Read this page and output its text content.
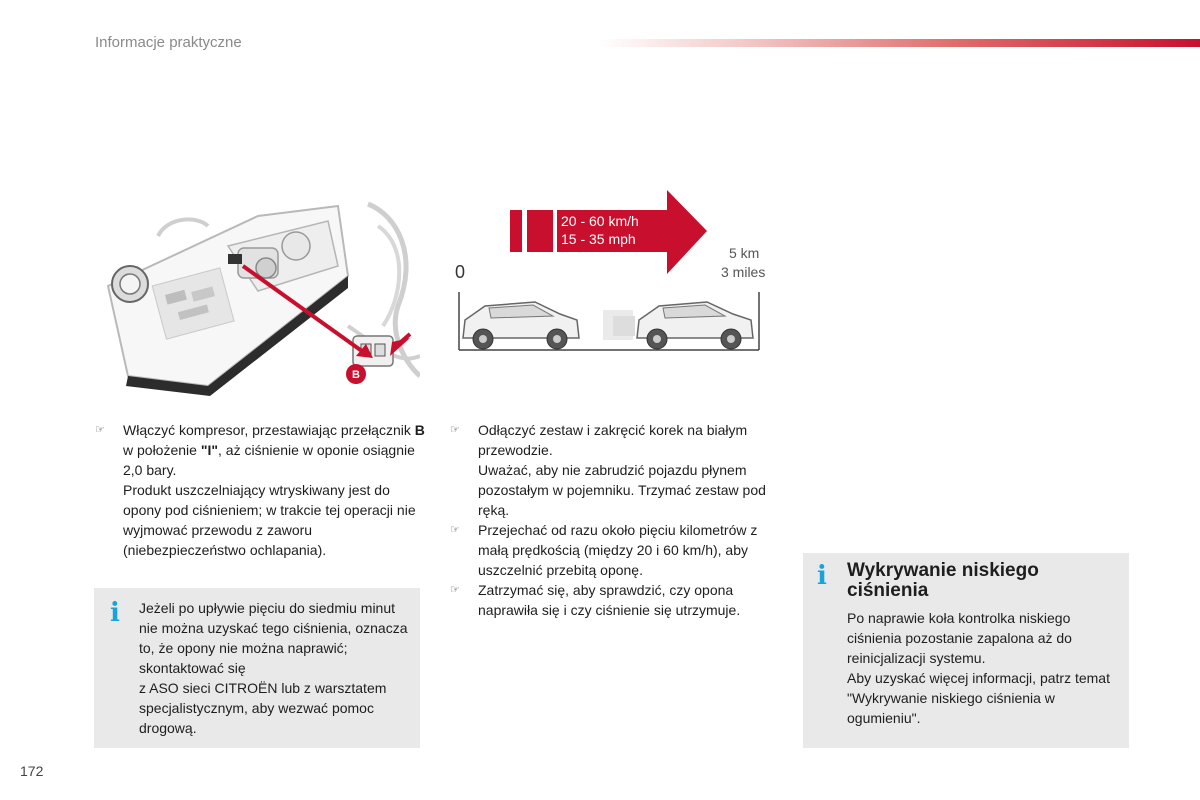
Informacje praktyczne
B
20 - 60 km/h
15 - 35 mph
0
5 km
3 miles
☞	Włączyć kompresor, przestawiając przełącznik B w położenie "I", aż ciśnienie w oponie osiągnie 2,0 bary.
Produkt uszczelniający wtryskiwany jest do opony pod ciśnieniem; w trakcie tej operacji nie wyjmować przewodu z zaworu (niebezpieczeństwo ochlapania).
i Jeżeli po upływie pięciu do siedmiu minut nie można uzyskać tego ciśnienia, oznacza to, że opony nie można naprawić; skontaktować się
z ASO sieci CITROËN lub z warsztatem specjalistycznym, aby wezwać pomoc drogową.
☞	Odłączyć zestaw i zakręcić korek na białym przewodzie.
Uważać, aby nie zabrudzić pojazdu płynem pozostałym w pojemniku. Trzymać zestaw pod ręką.
☞	Przejechać od razu około pięciu kilometrów z małą prędkością (między 20 i 60 km/h), aby uszczelnić przebitą oponę.
☞	Zatrzymać się, aby sprawdzić, czy opona naprawiła się i czy ciśnienie się utrzymuje.
i Wykrywanie niskiego ciśnienia
Po naprawie koła kontrolka niskiego ciśnienia pozostanie zapalona aż do reinicjalizacji systemu.
Aby uzyskać więcej informacji, patrz temat "Wykrywanie niskiego ciśnienia w ogumieniu".
172
